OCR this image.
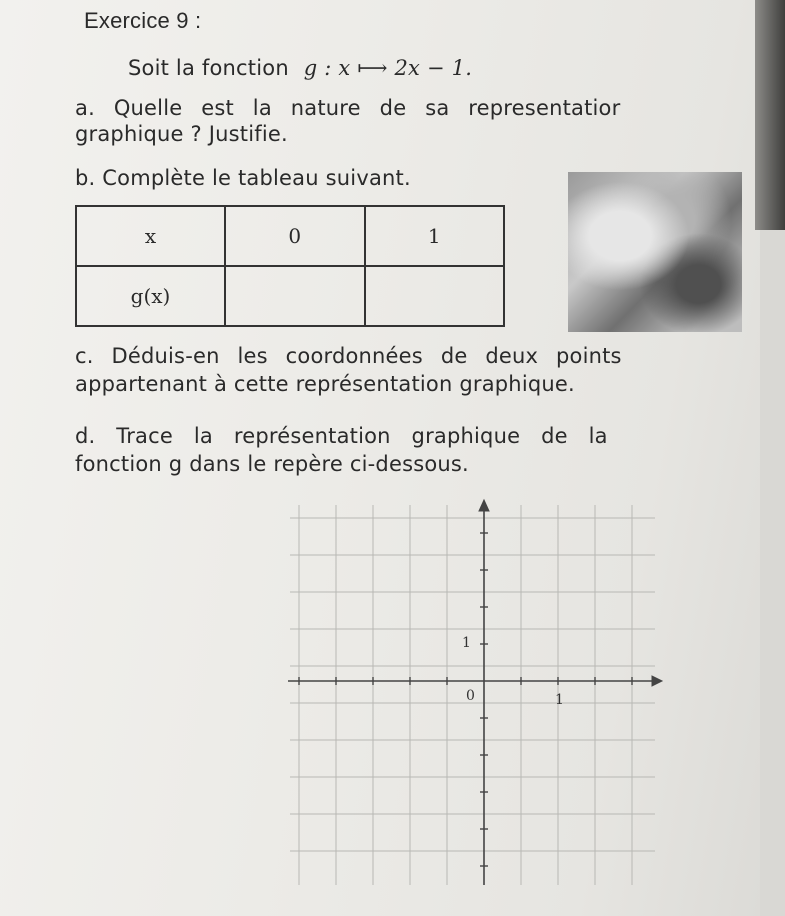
Exercice 9 :
Soit la fonction g : x ⟼ 2x − 1.
a. Quelle est la nature de sa representatior
graphique ? Justifie.
b. Complète le tableau suivant.
x	0	1
g(x)		
c. Déduis-en les coordonnées de deux points
appartenant à cette représentation graphique.
d. Trace la représentation graphique de la
fonction g dans le repère ci-dessous.
0	1
1
